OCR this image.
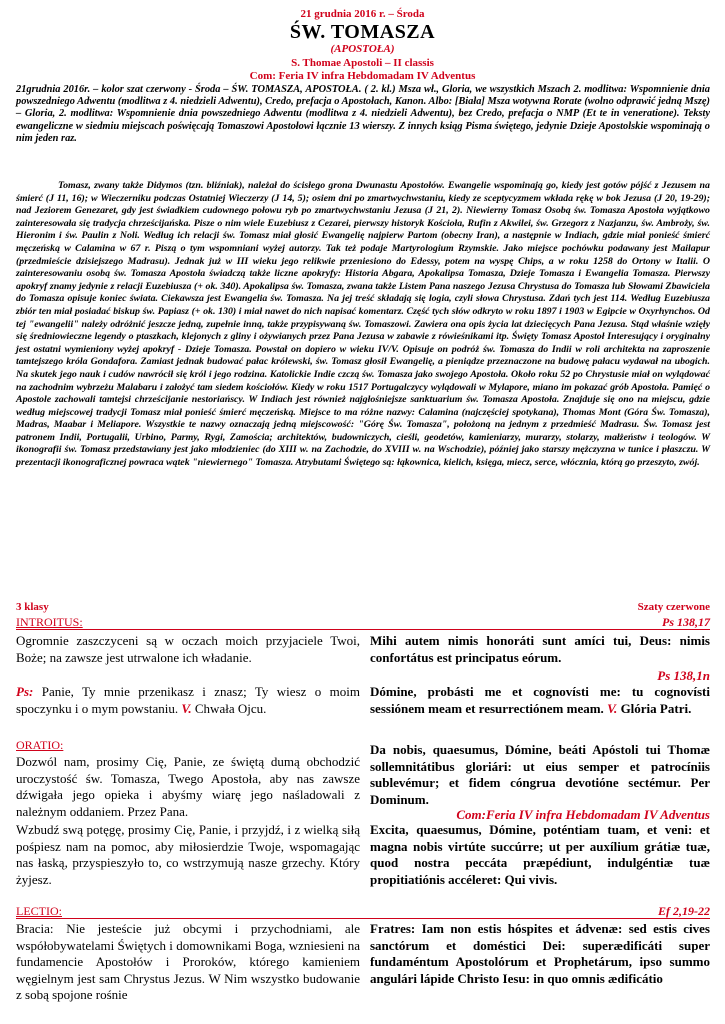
21 grudnia 2016 r. – Środa
ŚW. TOMASZA
(APOSTOŁA)
S. Thomae Apostoli – II classis
Com: Feria IV infra Hebdomadam IV Adventus
21grudnia 2016r. – kolor szat czerwony - Środa – ŚW. TOMASZA, APOSTOŁA. ( 2. kl.) Msza wł., Gloria, we wszystkich Mszach 2. modlitwa: Wspomnienie dnia powszedniego Adwentu (modlitwa z 4. niedzieli Adwentu), Credo, prefacja o Apostołach, Kanon. Albo: [Biała] Msza wotywna Rorate (wolno odprawić jedną Mszę) – Gloria, 2. modlitwa: Wspomnienie dnia powszedniego Adwentu (modlitwa z 4. niedzieli Adwentu), bez Credo, prefacja o NMP (Et te in veneratione). Teksty ewangeliczne w siedmiu miejscach poświęcają Tomaszowi Apostołowi łącznie 13 wierszy. Z innych ksiąg Pisma świętego, jedynie Dzieje Apostolskie wspominają o nim jeden raz.
Tomasz, zwany także Didymos (tzn. bliźniak), należał do ścisłego grona Dwunastu Apostołów. Ewangelie wspominają go, kiedy jest gotów pójść z Jezusem na śmierć (J 11, 16); w Wieczerniku podczas Ostatniej Wieczerzy (J 14, 5); osiem dni po zmartwychwstaniu, kiedy ze sceptycyzmem wkłada rękę w bok Jezusa (J 20, 19-29); nad Jeziorem Genezaret, gdy jest świadkiem cudownego połowu ryb po zmartwychwstaniu Jezusa (J 21, 2). Niewierny Tomasz Osobą św. Tomasza Apostoła wyjątkowo zainteresowała się tradycja chrześcijańska. Pisze o nim wiele Euzebiusz z Cezarei, pierwszy historyk Kościoła, Rufin z Akwilei, św. Grzegorz z Nazjanzu, św. Ambroży, św. Hieronim i św. Paulin z Noli. Według ich relacji św. Tomasz miał głosić Ewangelię najpierw Partom (obecny Iran), a następnie w Indiach, gdzie miał ponieść śmierć męczeńską w Calamina w 67 r. Piszą o tym wspomniani wyżej autorzy. Tak też podaje Martyrologium Rzymskie. Jako miejsce pochówku podawany jest Mailapur (przedmieście dzisiejszego Madrasu). Jednak już w III wieku jego relikwie przeniesiono do Edessy, potem na wyspę Chips, a w roku 1258 do Ortony w Italii. O zainteresowaniu osobą św. Tomasza Apostoła świadczą także liczne apokryfy: Historia Abgara, Apokalipsa Tomasza, Dzieje Tomasza i Ewangelia Tomasza. Pierwszy apokryf znamy jedynie z relacji Euzebiusza (+ ok. 340). Apokalipsa św. Tomasza, zwana także Listem Pana naszego Jezusa Chrystusa do Tomasza lub Słowami Zbawiciela do Tomasza opisuje koniec świata. Ciekawsza jest Ewangelia św. Tomasza. Na jej treść składają się logia, czyli słowa Chrystusa. Zdań tych jest 114. Według Euzebiusza zbiór ten miał posiadać biskup św. Papiasz (+ ok. 130) i miał nawet do nich napisać komentarz. Część tych słów odkryto w roku 1897 i 1903 w Egipcie w Oxyrhynchos. Od tej "ewangelii" należy odróżnić jeszcze jedną, zupełnie inną, także przypisywaną św. Tomaszowi. Zawiera ona opis życia lat dziecięcych Pana Jezusa. Stąd właśnie wzięły się średniowieczne legendy o ptaszkach, klejonych z gliny i ożywianych przez Pana Jezusa w zabawie z rówieśnikami itp. Święty Tomasz Apostoł Interesujący i oryginalny jest ostatni wymieniony wyżej apokryf - Dzieje Tomasza. Powstał on dopiero w wieku IV/V. Opisuje on podróż św. Tomasza do Indii w roli architekta na zaproszenie tamtejszego króla Gondafora. Zamiast jednak budować pałac królewski, św. Tomasz głosił Ewangelię, a pieniądze przeznaczone na budowę pałacu wydawał na ubogich. Na skutek jego nauk i cudów nawrócił się król i jego rodzina. Katolickie Indie czczą św. Tomasza jako swojego Apostoła. Około roku 52 po Chrystusie miał on wylądować na zachodnim wybrzeżu Malabaru i założyć tam siedem kościołów. Kiedy w roku 1517 Portugalczycy wylądowali w Mylapore, miano im pokazać grób Apostoła. Pamięć o Apostole zachowali tamtejsi chrześcijanie nestoriańscy. W Indiach jest również najgłośniejsze sanktuarium św. Tomasza Apostoła. Znajduje się ono na miejscu, gdzie według miejscowej tradycji Tomasz miał ponieść śmierć męczeńską. Miejsce to ma różne nazwy: Calamina (najczęściej spotykana), Thomas Mont (Góra Św. Tomasza), Madras, Maabar i Meliapore. Wszystkie te nazwy oznaczają jedną miejscowość: "Górę Św. Tomasza", położoną na jednym z przedmieść Madrasu. Św. Tomasz jest patronem Indii, Portugalii, Urbino, Parmy, Rygi, Zamościa; architektów, budowniczych, cieśli, geodetów, kamieniarzy, murarzy, stolarzy, małżeństw i teologów. W ikonografii św. Tomasz przedstawiany jest jako młodzieniec (do XIII w. na Zachodzie, do XVIII w. na Wschodzie), później jako starszy mężczyzna w tunice i płaszczu. W prezentacji ikonograficznej powraca wątek "niewiernego" Tomasza. Atrybutami Świętego są: łąkownica, kielich, księga, miecz, serce, włócznia, którą go przeszyto, zwój.
3 klasy	Szaty czerwone
INTROITUS:	Ps 138,17
Ogromnie zaszczyceni są w oczach moich przyjaciele Twoi, Boże; na zawsze jest utrwalone ich władanie.
Mihi autem nimis honoráti sunt amíci tui, Deus: nimis confortátus est principatus eórum.
Ps 138,1n
Ps: Panie, Ty mnie przenikasz i znasz; Ty wiesz o moim spoczynku i o mym powstaniu. V. Chwała Ojcu.
Dómine, probásti me et cognovísti me: tu cognovísti sessiónem meam et resurrectiónem meam. V. Glória Patri.
ORATIO:
Dozwól nam, prosimy Cię, Panie, ze świętą dumą obchodzić uroczystość św. Tomasza, Twego Apostoła, aby nas zawsze dźwigała jego opieka i abyśmy wiarę jego naśladowali z należnym oddaniem. Przez Pana.
Da nobis, quaesumus, Dómine, beáti Apóstoli tui Thomæ sollemnitátibus gloriári: ut eius semper et patrocíniis sublevémur; et fidem cóngrua devotióne sectémur. Per Dominum.
Com:Feria IV infra Hebdomadam IV Adventus
Wzbudź swą potęgę, prosimy Cię, Panie, i przyjdź, i z wielką siłą pośpiesz nam na pomoc, aby miłosierdzie Twoje, wspomagając nas łaską, przyspieszyło to, co wstrzymują nasze grzechy. Który żyjesz.
Excita, quaesumus, Dómine, poténtiam tuam, et veni: et magna nobis virtúte succúrre; ut per auxílium grátiæ tuæ, quod nostra peccáta præpédiunt, indulgéntiæ tuæ propitiatiónis accéleret: Qui vivis.
LECTIO:	Ef 2,19-22
Bracia: Nie jesteście już obcymi i przychodniami, ale współobywatelami Świętych i domownikami Boga, wzniesieni na fundamencie Apostołów i Proroków, którego kamieniem węgielnym jest sam Chrystus Jezus. W Nim wszystko budowanie z sobą spojone rośnie
Fratres: Iam non estis hóspites et ádvenæ: sed estis cives sanctórum et doméstici Dei: superædificáti super fundaméntum Apostolórum et Prophetárum, ipso summo angulári lápide Christo Iesu: in quo omnis ædificátio
